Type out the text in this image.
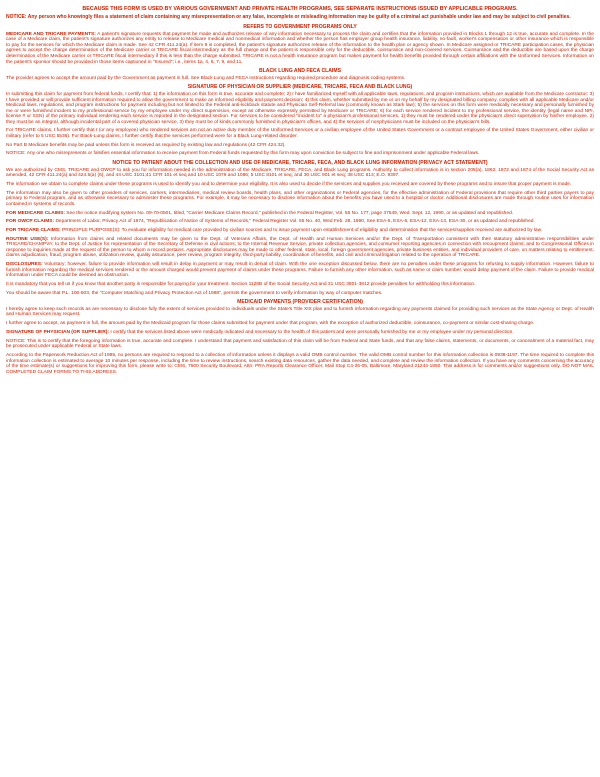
BECAUSE THIS FORM IS USED BY VARIOUS GOVERNMENT AND PRIVATE HEALTH PROGRAMS, SEE SEPARATE INSTRUCTIONS ISSUED BY APPLICABLE PROGRAMS.

NOTICE: Any person who knowingly files a statement of claim containing any misrepresentation or any false, incomplete or misleading information may be guilty of a criminal act punishable under law and may be subject to civil penalties.

REFERS TO GOVERNMENT PROGRAMS ONLY

MEDICARE AND TRICARE PAYMENTS: A patient's signature requests that payment be made and authorizes release of any information necessary to process the claim and certifies that the information provided in Blocks 1 through 12 is true, accurate and complete. In the case of a Medicare claim, the patient's signature authorizes any entity to release to Medicare medical and nonmedical information and whether the person has employer group health insurance, liability, no-fault, worker's compensation or other insurance which is responsible to pay for the services for which the Medicare claim is made. See 42 CFR 411.24(a). If item 9 is completed, the patient's signature authorizes release of the information to the health plan or agency shown. In Medicare assigned or TRICARE participation cases, the physician agrees to accept the charge determination of the Medicare carrier or TRICARE fiscal intermediary as the full charge and the patient is responsible only for the deductible, coinsurance and non-covered services. Coinsurance and the deductible are based upon the charge determination of the Medicare carrier or TRICARE fiscal intermediary if this is less than the charge submitted. TRICARE is not a health insurance program but makes payment for health benefits provided through certain affiliations with the Uniformed Services. Information on the patient's sponsor should be provided in those items captioned in "Insured"; i.e., items 1a, 4, 6, 7, 9, and 11.

BLACK LUNG AND FECA CLAIMS

The provider agrees to accept the amount paid by the Government as payment in full. See Black Lung and FECA instructions regarding required procedure and diagnosis coding systems.

SIGNATURE OF PHYSICIAN OR SUPPLIER (MEDICARE, TRICARE, FECA AND BLACK LUNG)

In submitting this claim for payment from federal funds, I certify that: 1) the information on this form is true, accurate and complete; 2) I have familiarized myself with all applicable laws, regulations, and program instructions, which are available from the Medicare contractor; 3) I have provided or will provide sufficient information required to allow the government to make an informed eligibility and payment decision; 4) this claim, whether submitted by me or on my behalf by my designated billing company, complies with all applicable Medicare and/or Medicaid laws, regulations, and program instructions for payment including but not limited to the Federal anti-kickback statute and Physician Self-Referral law (commonly known as Stark law); 5) the services on this form were medically necessary and personally furnished by me or were furnished incident to my professional service by my employee under my direct supervision, except as otherwise expressly permitted by Medicare or TRICARE; 6) for each service rendered incident to my professional service, the identity (legal name and NPI, license # or SSN) of the primary individual rendering each service is reported in the designated section. For services to be considered "incident to" a physician's professional services, 1) they must be rendered under the physician's direct supervision by his/her employee, 2) they must be an integral, although incidental part of a covered physician service, 3) they must be of kinds commonly furnished in physician's offices, and 4) the services of nonphysicians must be included on the physician's bills.

For TRICARE claims, I further certify that I (or any employee) who rendered services am not an active duty member of the Uniformed Services or a civilian employee of the United States Government or a contract employee of the United States Government, either civilian or military (refer to 5 USC 5536). For Black-Lung claims, I further certify that the services performed were for a Black Lung-related disorder.

No Part B Medicare benefits may be paid unless this form is received as required by existing law and regulations (42 CFR 424.32).

NOTICE: Any one who misrepresents or falsifies essential information to receive payment from Federal funds requested by this form may upon conviction be subject to fine and imprisonment under applicable Federal laws.

NOTICE TO PATIENT ABOUT THE COLLECTION AND USE OF MEDICARE, TRICARE, FECA, AND BLACK LUNG INFORMATION (PRIVACY ACT STATEMENT)

We are authorized by CMS, TRICARE and OWCP to ask you for information needed in the administration of the Medicare, TRICARE, FECA, and Black Lung programs. Authority to collect information is in section 205(a), 1862, 1872 and 1874 of the Social Security Act as amended, 42 CFR 411.24(a) and 424.5(a) (6), and 44 USC 3101;41 CFR 101 et seq and 10 USC 1079 and 1086; 5 USC 8101 et seq; and 30 USC 901 et seq; 38 USC 613; E.O. 9397.

The information we obtain to complete claims under these programs is used to identify you and to determine your eligibility. It is also used to decide if the services and supplies you received are covered by these programs and to insure that proper payment is made.

The information may also be given to other providers of services, carriers, intermediaries, medical review boards, health plans, and other organizations or Federal agencies, for the effective administration of Federal provisions that require other third parties payers to pay primary to Federal program, and as otherwise necessary to administer these programs. For example, it may be necessary to disclose information about the benefits you have used to a hospital or doctor. Additional disclosures are made through routine uses for information contained in systems of records.

FOR MEDICARE CLAIMS: See the notice modifying system No. 09-70-0501, titled, "Carrier Medicare Claims Record," published in the Federal Register, Vol. 55 No. 177, page 37549, Wed. Sept. 12, 1990, or as updated and republished.

FOR OWCP CLAIMS: Department of Labor, Privacy Act of 1974, "Republication of Notice of Systems of Records," Federal Register Vol. 55 No. 40, Wed Feb. 28, 1990, See ESA-5, ESA-6, ESA-12, ESA-13, ESA-30, or as updated and republished.

FOR TRICARE CLAIMS: PRINCIPLE PURPOSE(S): To evaluate eligibility for medical care provided by civilian sources and to issue payment upon establishment of eligibility and determination that the services/supplies received are authorized by law.

ROUTINE USE(S): Information from claims and related documents may be given to the Dept. of Veterans Affairs, the Dept. of Health and Human Services and/or the Dept. of Transportation consistent with their statutory administrative responsibilities under TRICARE/CHAMPVA; to the Dept. of Justice for representation of the Secretary of Defense in civil actions; to the Internal Revenue Service, private collection agencies, and consumer reporting agencies in connection with recoupment claims; and to Congressional Offices in response to inquiries made at the request of the person to whom a record pertains. Appropriate disclosures may be made to other federal, state, local, foreign government agencies, private business entities, and individual providers of care, on matters relating to entitlement, claims adjudication, fraud, program abuse, utilization review, quality assurance, peer review, program integrity, third-party liability, coordination of benefits, and civil and criminal litigation related to the operation of TRICARE.

DISCLOSURES: Voluntary; however, failure to provide information will result in delay in payment or may result in denial of claim. With the one exception discussed below, there are no penalties under these programs for refusing to supply information. However, failure to furnish information regarding the medical services rendered or the amount charged would prevent payment of claims under these programs. Failure to furnish any other information, such as name or claim number, would delay payment of the claim. Failure to provide medical information under FECA could be deemed an obstruction.

It is mandatory that you tell us if you know that another party is responsible for paying for your treatment. Section 1128B of the Social Security Act and 31 USC 3801-3812 provide penalties for withholding this information.

You should be aware that P.L. 100-503, the "Computer Matching and Privacy Protection Act of 1988", permits the government to verify information by way of computer matches.

MEDICAID PAYMENTS (PROVIDER CERTIFICATION)

I hereby agree to keep such records as are necessary to disclose fully the extent of services provided to individuals under the State's Title XIX plan and to furnish information regarding any payments claimed for providing such services as the State Agency or Dept. of Health and Human Services may request.

I further agree to accept, as payment in full, the amount paid by the Medicaid program for those claims submitted for payment under that program, with the exception of authorized deductible, coinsurance, co-payment or similar cost-sharing charge.

SIGNATURE OF PHYSICIAN (OR SUPPLIER): I certify that the services listed above were medically indicated and necessary to the health of this patient and were personally furnished by me or my employee under my personal direction.

NOTICE: This is to certify that the foregoing information is true, accurate and complete. I understand that payment and satisfaction of this claim will be from Federal and State funds, and that any false claims, statements, or documents, or concealment of a material fact, may be prosecuted under applicable Federal or State laws.

According to the Paperwork Reduction Act of 1995, no persons are required to respond to a collection of information unless it displays a valid OMB control number. The valid OMB control number for this information collection is 0938-1197. The time required to complete this information collection is estimated to average 10 minutes per response, including the time to review instructions, search existing data resources, gather the data needed, and complete and review the information collection. If you have any comments concerning the accuracy of the time estimate(s) or suggestions for improving this form, please write to: CMS, 7500 Security Boulevard, Attn: PRA Reports Clearance Officer, Mail Stop C4-26-05, Baltimore, Maryland 21244-1850. This address is for comments and/or suggestions only. DO NOT MAIL COMPLETED CLAIM FORMS TO THIS ADDRESS.
